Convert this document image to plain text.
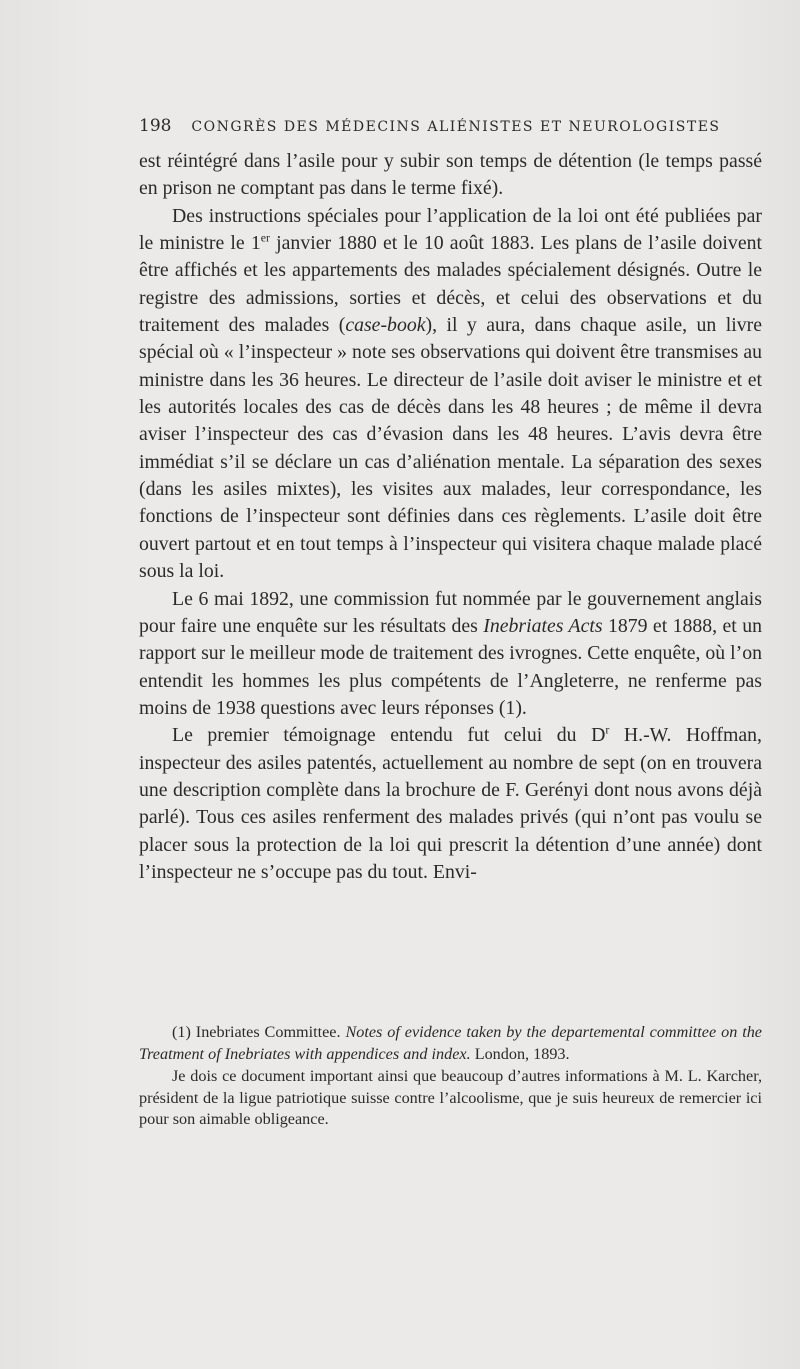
198 CONGRÈS DES MÉDECINS ALIÉNISTES ET NEUROLOGISTES

est réintégré dans l’asile pour y subir son temps de détention (le temps passé en prison ne comptant pas dans le terme fixé).

Des instructions spéciales pour l’application de la loi ont été publiées par le ministre le 1er janvier 1880 et le 10 août 1883. Les plans de l’asile doivent être affichés et les appartements des malades spécialement désignés. Outre le registre des admissions, sorties et décès, et celui des observations et du traitement des malades (case-book), il y aura, dans chaque asile, un livre spécial où « l’inspecteur » note ses observations qui doivent être transmises au ministre dans les 36 heures. Le directeur de l’asile doit aviser le ministre et et les autorités locales des cas de décès dans les 48 heures ; de même il devra aviser l’inspecteur des cas d’évasion dans les 48 heures. L’avis devra être immédiat s’il se déclare un cas d’aliénation mentale. La séparation des sexes (dans les asiles mixtes), les visites aux malades, leur correspondance, les fonctions de l’inspecteur sont définies dans ces règlements. L’asile doit être ouvert partout et en tout temps à l’inspecteur qui visitera chaque malade placé sous la loi.

Le 6 mai 1892, une commission fut nommée par le gouvernement anglais pour faire une enquête sur les résultats des Inebriates Acts 1879 et 1888, et un rapport sur le meilleur mode de traitement des ivrognes. Cette enquête, où l’on entendit les hommes les plus compétents de l’Angleterre, ne renferme pas moins de 1938 questions avec leurs réponses (1).

Le premier témoignage entendu fut celui du $D^r$ H.-W. Hoffman, inspecteur des asiles patentés, actuellement au nombre de sept (on en trouvera une description complète dans la brochure de F. Gerényi dont nous avons déjà parlé). Tous ces asiles renferment des malades privés (qui n’ont pas voulu se placer sous la protection de la loi qui prescrit la détention d’une année) dont l’inspecteur ne s’occupe pas du tout. Envi-

(1) Inebriates Committee. Notes of evidence taken by the departemental committee on the Treatment of Inebriates with appendices and index. London, 1893.

Je dois ce document important ainsi que beaucoup d’autres informations à M. L. Karcher, président de la ligue patriotique suisse contre l’alcoolisme, que je suis heureux de remercier ici pour son aimable obligeance.
